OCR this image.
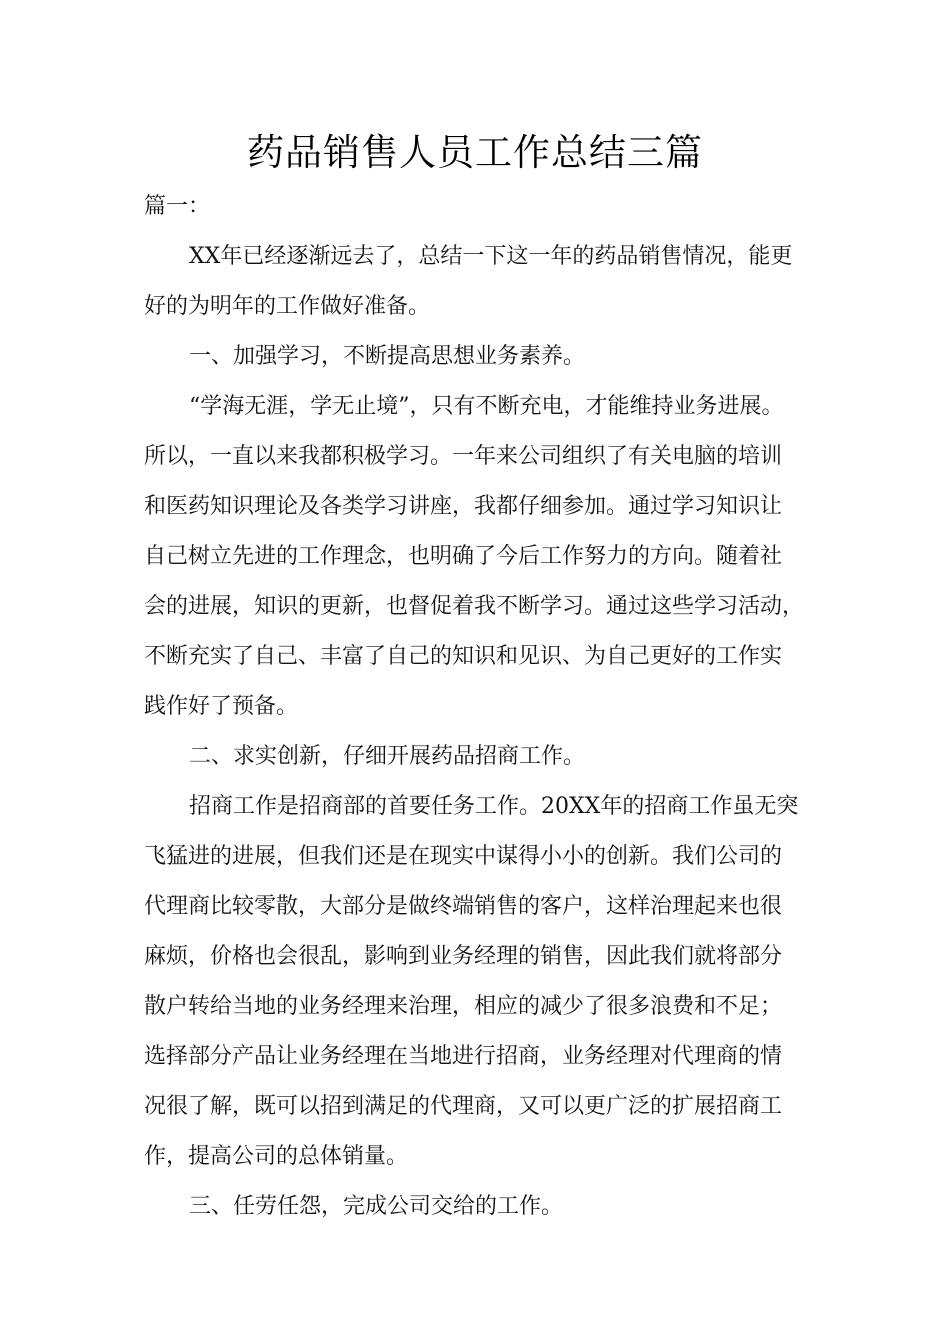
药品销售人员工作总结三篇
篇一：
XX年已经逐渐远去了，总结一下这一年的药品销售情况，能更
好的为明年的工作做好准备。
一、加强学习，不断提高思想业务素养。
“学海无涯，学无止境”，只有不断充电，才能维持业务进展。
所以，一直以来我都积极学习。一年来公司组织了有关电脑的培训
和医药知识理论及各类学习讲座，我都仔细参加。通过学习知识让
自己树立先进的工作理念，也明确了今后工作努力的方向。随着社
会的进展，知识的更新，也督促着我不断学习。通过这些学习活动，
不断充实了自己、丰富了自己的知识和见识、为自己更好的工作实
践作好了预备。
二、求实创新，仔细开展药品招商工作。
招商工作是招商部的首要任务工作。20XX年的招商工作虽无突
飞猛进的进展，但我们还是在现实中谋得小小的创新。我们公司的
代理商比较零散，大部分是做终端销售的客户，这样治理起来也很
麻烦，价格也会很乱，影响到业务经理的销售，因此我们就将部分
散户转给当地的业务经理来治理，相应的减少了很多浪费和不足；
选择部分产品让业务经理在当地进行招商，业务经理对代理商的情
况很了解，既可以招到满足的代理商，又可以更广泛的扩展招商工
作，提高公司的总体销量。
三、任劳任怨，完成公司交给的工作。
